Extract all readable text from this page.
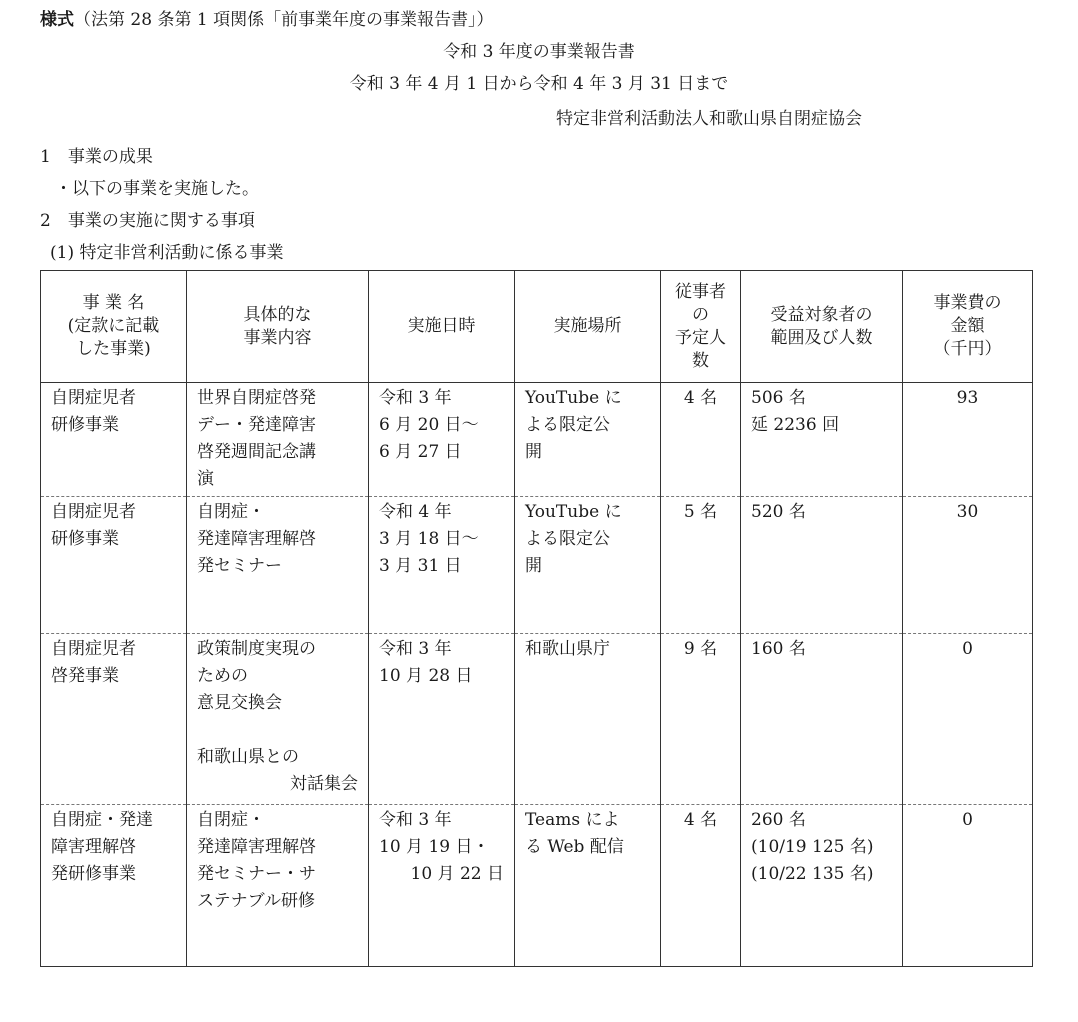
様式（法第 28 条第 1 項関係「前事業年度の事業報告書」）
令和 3 年度の事業報告書
令和 3 年 4 月 1 日から令和 4 年 3 月 31 日まで
特定非営利活動法人和歌山県自閉症協会
1　事業の成果
・以下の事業を実施した。
2　事業の実施に関する事項
(1) 特定非営利活動に係る事業
事 業 名
(定款に記載
した事業)	具体的な
事業内容	実施日時	実施場所	従事者
の
予定人
数	受益対象者の
範囲及び人数	事業費の
金額
（千円）

自閉症児者
研修事業	世界自閉症啓発
デー・発達障害
啓発週間記念講
演	令和 3 年
6 月 20 日～
6 月 27 日	YouTube に
よる限定公
開	4 名	506 名
延 2236 回	93

自閉症児者
研修事業	自閉症・
発達障害理解啓
発セミナー	令和 4 年
3 月 18 日～
3 月 31 日	YouTube に
よる限定公
開	5 名	520 名	30

自閉症児者
啓発事業	政策制度実現の
ための
意見交換会
和歌山県との
対話集会	令和 3 年
10 月 28 日	和歌山県庁	9 名	160 名	0

自閉症・発達
障害理解啓
発研修事業	自閉症・
発達障害理解啓
発セミナー・サ
ステナブル研修	令和 3 年
10 月 19 日・
10 月 22 日	Teams によ
る Web 配信	4 名	260 名
(10/19 125 名)
(10/22 135 名)	0
